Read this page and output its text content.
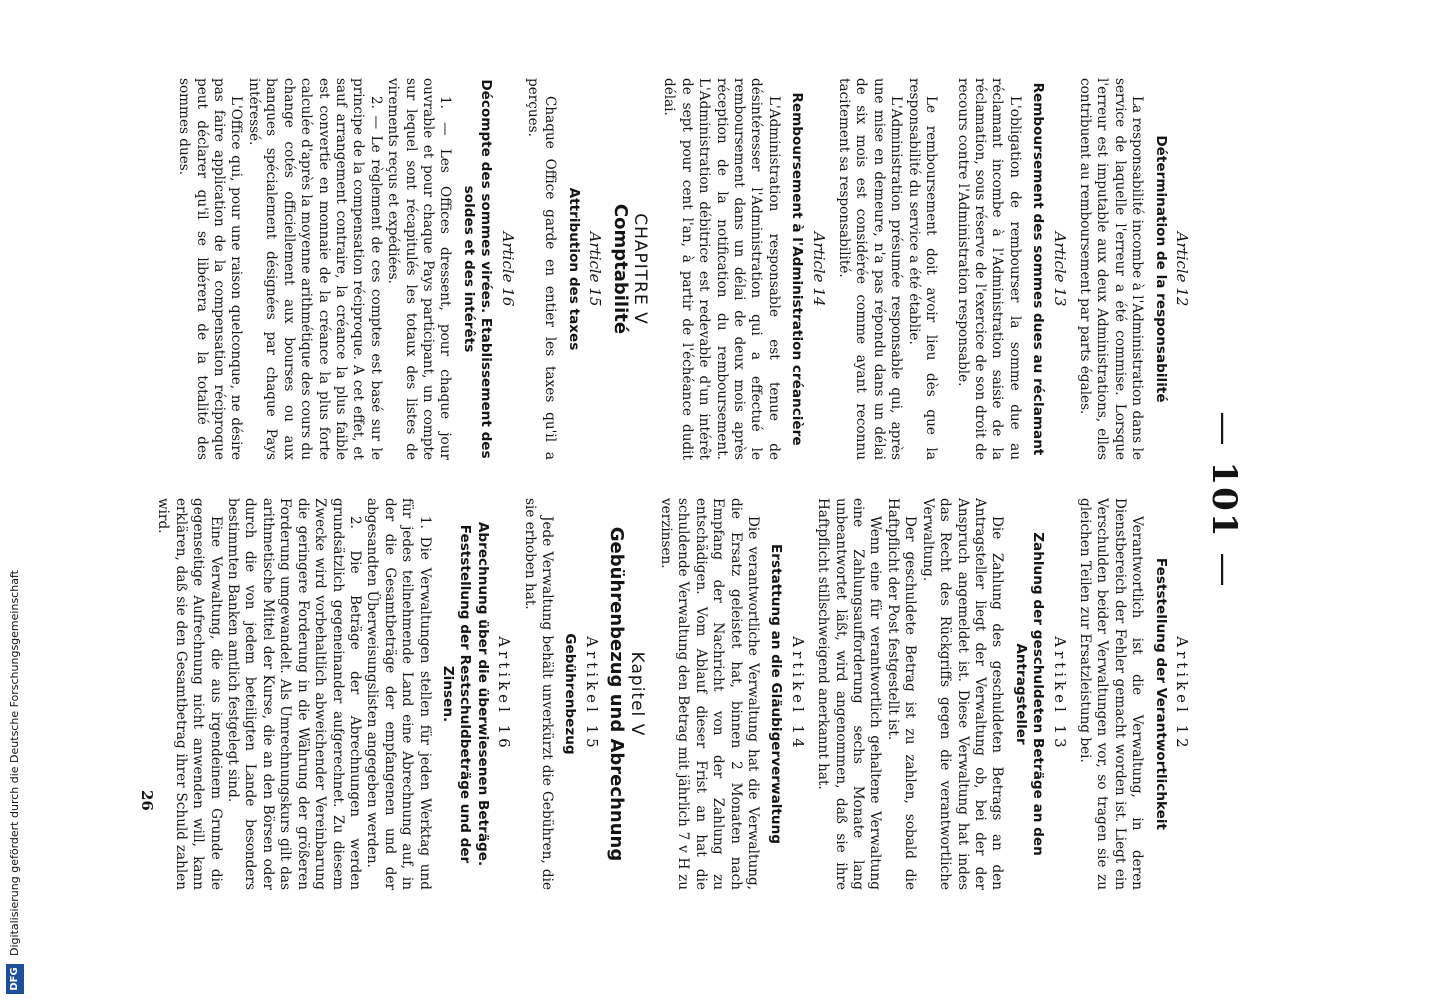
Digitalisierung gefördert durch die Deutsche Forschungsgemeinschaft
DFG
—101—
Article 12
Détermination de la responsabilité

La responsabilité incombe à l'Administration dans le service de laquelle l'erreur a été commise. Lorsque l'erreur est imputable aux deux Administrations, elles contribuent au remboursement par parts égales.

Article 13
Remboursement des sommes dues au réclamant

L'obligation de rembourser la somme due au réclamant incombe à l'Administration saisie de la réclamation, sous réserve de l'exercice de son droit de recours contre l'Administration responsable.

Le remboursement doit avoir lieu dès que la responsabilité du service a été établie.

L'Administration présumée responsable qui, après une mise en demeure, n'a pas répondu dans un délai de six mois est considérée comme ayant reconnu tacitement sa responsabilité.

Article 14
Remboursement à l'Administration créancière

L'Administration responsable est tenue de désintéresser l'Administration qui a effectué le remboursement dans un délai de deux mois après réception de la notification du remboursement. L'Administration débitrice est redevable d'un intérêt de sept pour cent l'an, à partir de l'échéance dudit délai.

CHAPITRE V
Comptabilité
Article 15
Attribution des taxes

Chaque Office garde en entier les taxes qu'il a perçues.

Article 16
Décompte des sommes virées. Etablissement des soldes et des intérêts

1. — Les Offices dressent, pour chaque jour ouvrable et pour chaque Pays participant, un compte sur lequel sont récapitulés les totaux des listes de virements reçus et expédiées.

2. — Le règlement de ces comptes est basé sur le principe de la compensation réciproque. A cet effet, et sauf arrangement contraire, la créance la plus faible est convertie en monnaie de la créance la plus forte calculée d'après la moyenne arithmétique des cours du change cotés officiellement aux bourses ou aux banques spécialement désignées par chaque Pays intéressé.

L'Office qui, pour une raison quelconque, ne désire pas faire application de la compensation réciproque peut déclarer qu'il se libérera de la totalité des sommes dues.

Artikel 12
Feststellung der Verantwortlichkeit

Verantwortlich ist die Verwaltung, in deren Dienstbereich der Fehler gemacht worden ist. Liegt ein Verschulden beider Verwaltungen vor, so tragen sie zu gleichen Teilen zur Ersatzleistung bei.

Artikel 13
Zahlung der geschuldeten Beträge an den Antragsteller

Die Zahlung des geschuldeten Betrags an den Antragsteller liegt der Verwaltung ob, bei der der Anspruch angemeldet ist. Diese Verwaltung hat indes das Recht des Rückgriffs gegen die verantwortliche Verwaltung.

Der geschuldete Betrag ist zu zahlen, sobald die Haftpflicht der Post festgestellt ist.

Wenn eine für verantwortlich gehaltene Verwaltung eine Zahlungsaufforderung sechs Monate lang unbeantwortet läßt, wird angenommen, daß sie ihre Haftpflicht stillschweigend anerkannt hat.

Artikel 14
Erstattung an die Gläubigerverwaltung

Die verantwortliche Verwaltung hat die Verwaltung, die Ersatz geleistet hat, binnen 2 Monaten nach Empfang der Nachricht von der Zahlung zu entschädigen. Vom Ablauf dieser Frist an hat die schuldende Verwaltung den Betrag mit jährlich 7 v H zu verzinsen.

Kapitel V
Gebührenbezug und Abrechnung
Artikel 15
Gebührenbezug

Jede Verwaltung behält unverkürzt die Gebühren, die sie erhoben hat.

Artikel 16
Abrechnung über die überwiesenen Beträge. Feststellung der Restschuldbeträge und der Zinsen.

1. Die Verwaltungen stellen für jeden Werktag und für jedes teilnehmende Land eine Abrechnung auf, in der die Gesamtbeträge der empfangenen und der abgesandten Überweisungslisten angegeben werden.

2. Die Beträge der Abrechnungen werden grundsätzlich gegeneinander aufgerechnet. Zu diesem Zwecke wird vorbehaltlich abweichender Vereinbarung die geringere Forderung in die Währung der größeren Forderung umgewandelt. Als Umrechnungskurs gilt das arithmetische Mittel der Kurse, die an den Börsen oder durch die von jedem beteiligten Lande besonders bestimmten Banken amtlich festgelegt sind.

Eine Verwaltung, die aus irgendeinem Grunde die gegenseitige Aufrechnung nicht anwenden will, kann erklären, daß sie den Gesamtbetrag ihrer Schuld zahlen wird.

26
